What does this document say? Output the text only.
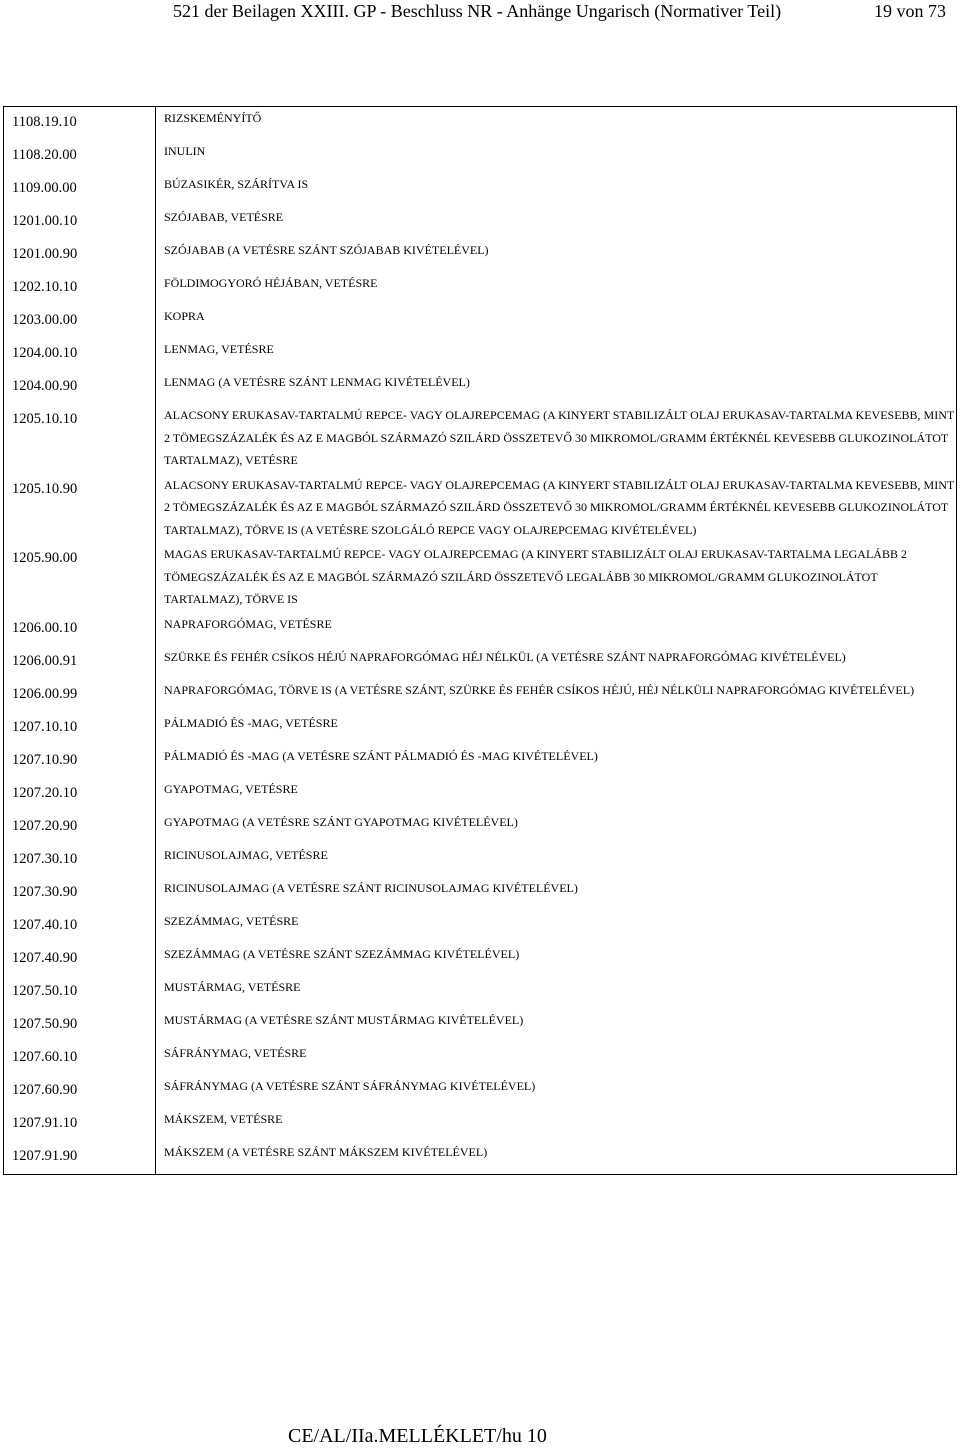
521 der Beilagen XXIII. GP - Beschluss NR - Anhänge Ungarisch (Normativer Teil)	19 von 73
1108.19.10	RIZSKEMÉNYÍTŐ
1108.20.00	INULIN
1109.00.00	BÚZASIKÉR, SZÁRÍTVA IS
1201.00.10	SZÓJABAB, VETÉSRE
1201.00.90	SZÓJABAB (A VETÉSRE SZÁNT SZÓJABAB KIVÉTELÉVEL)
1202.10.10	FÖLDIMOGYORÓ HÉJÁBAN, VETÉSRE
1203.00.00	KOPRA
1204.00.10	LENMAG, VETÉSRE
1204.00.90	LENMAG (A VETÉSRE SZÁNT LENMAG KIVÉTELÉVEL)
1205.10.10	ALACSONY ERUKASAV-TARTALMÚ REPCE- VAGY OLAJREPCEMAG (A KINYERT STABILIZÁLT OLAJ ERUKASAV-TARTALMA KEVESEBB, MINT 2 TÖMEGSZÁZALÉK ÉS AZ E MAGBÓL SZÁRMAZÓ SZILÁRD ÖSSZETEVŐ 30 MIKROMOL/GRAMM ÉRTÉKNÉL KEVESEBB GLUKOZINOLÁTOT TARTALMAZ), VETÉSRE
1205.10.90	ALACSONY ERUKASAV-TARTALMÚ REPCE- VAGY OLAJREPCEMAG (A KINYERT STABILIZÁLT OLAJ ERUKASAV-TARTALMA KEVESEBB, MINT 2 TÖMEGSZÁZALÉK ÉS AZ E MAGBÓL SZÁRMAZÓ SZILÁRD ÖSSZETEVŐ 30 MIKROMOL/GRAMM ÉRTÉKNÉL KEVESEBB GLUKOZINOLÁTOT TARTALMAZ), TÖRVE IS (A VETÉSRE SZOLGÁLÓ REPCE VAGY OLAJREPCEMAG KIVÉTELÉVEL)
1205.90.00	MAGAS ERUKASAV-TARTALMÚ REPCE- VAGY OLAJREPCEMAG (A KINYERT STABILIZÁLT OLAJ ERUKASAV-TARTALMA LEGALÁBB 2 TÖMEGSZÁZALÉK ÉS AZ E MAGBÓL SZÁRMAZÓ SZILÁRD ÖSSZETEVŐ LEGALÁBB 30 MIKROMOL/GRAMM GLUKOZINOLÁTOT TARTALMAZ), TÖRVE IS
1206.00.10	NAPRAFORGÓMAG, VETÉSRE
1206.00.91	SZÜRKE ÉS FEHÉR CSÍKOS HÉJÚ NAPRAFORGÓMAG HÉJ NÉLKÜL (A VETÉSRE SZÁNT NAPRAFORGÓMAG KIVÉTELÉVEL)
1206.00.99	NAPRAFORGÓMAG, TÖRVE IS (A VETÉSRE SZÁNT, SZÜRKE ÉS FEHÉR CSÍKOS HÉJÚ, HÉJ NÉLKÜLI NAPRAFORGÓMAG KIVÉTELÉVEL)
1207.10.10	PÁLMADIÓ ÉS -MAG, VETÉSRE
1207.10.90	PÁLMADIÓ ÉS -MAG (A VETÉSRE SZÁNT PÁLMADIÓ ÉS -MAG KIVÉTELÉVEL)
1207.20.10	GYAPOTMAG, VETÉSRE
1207.20.90	GYAPOTMAG (A VETÉSRE SZÁNT GYAPOTMAG KIVÉTELÉVEL)
1207.30.10	RICINUSOLAJMAG, VETÉSRE
1207.30.90	RICINUSOLAJMAG (A VETÉSRE SZÁNT RICINUSOLAJMAG KIVÉTELÉVEL)
1207.40.10	SZEZÁMMAG, VETÉSRE
1207.40.90	SZEZÁMMAG (A VETÉSRE SZÁNT SZEZÁMMAG KIVÉTELÉVEL)
1207.50.10	MUSTÁRMAG, VETÉSRE
1207.50.90	MUSTÁRMAG (A VETÉSRE SZÁNT MUSTÁRMAG KIVÉTELÉVEL)
1207.60.10	SÁFRÁNYMAG, VETÉSRE
1207.60.90	SÁFRÁNYMAG (A VETÉSRE SZÁNT SÁFRÁNYMAG KIVÉTELÉVEL)
1207.91.10	MÁKSZEM, VETÉSRE
1207.91.90	MÁKSZEM (A VETÉSRE SZÁNT MÁKSZEM KIVÉTELÉVEL)
CE/AL/IIa.MELLÉKLET/hu 10
